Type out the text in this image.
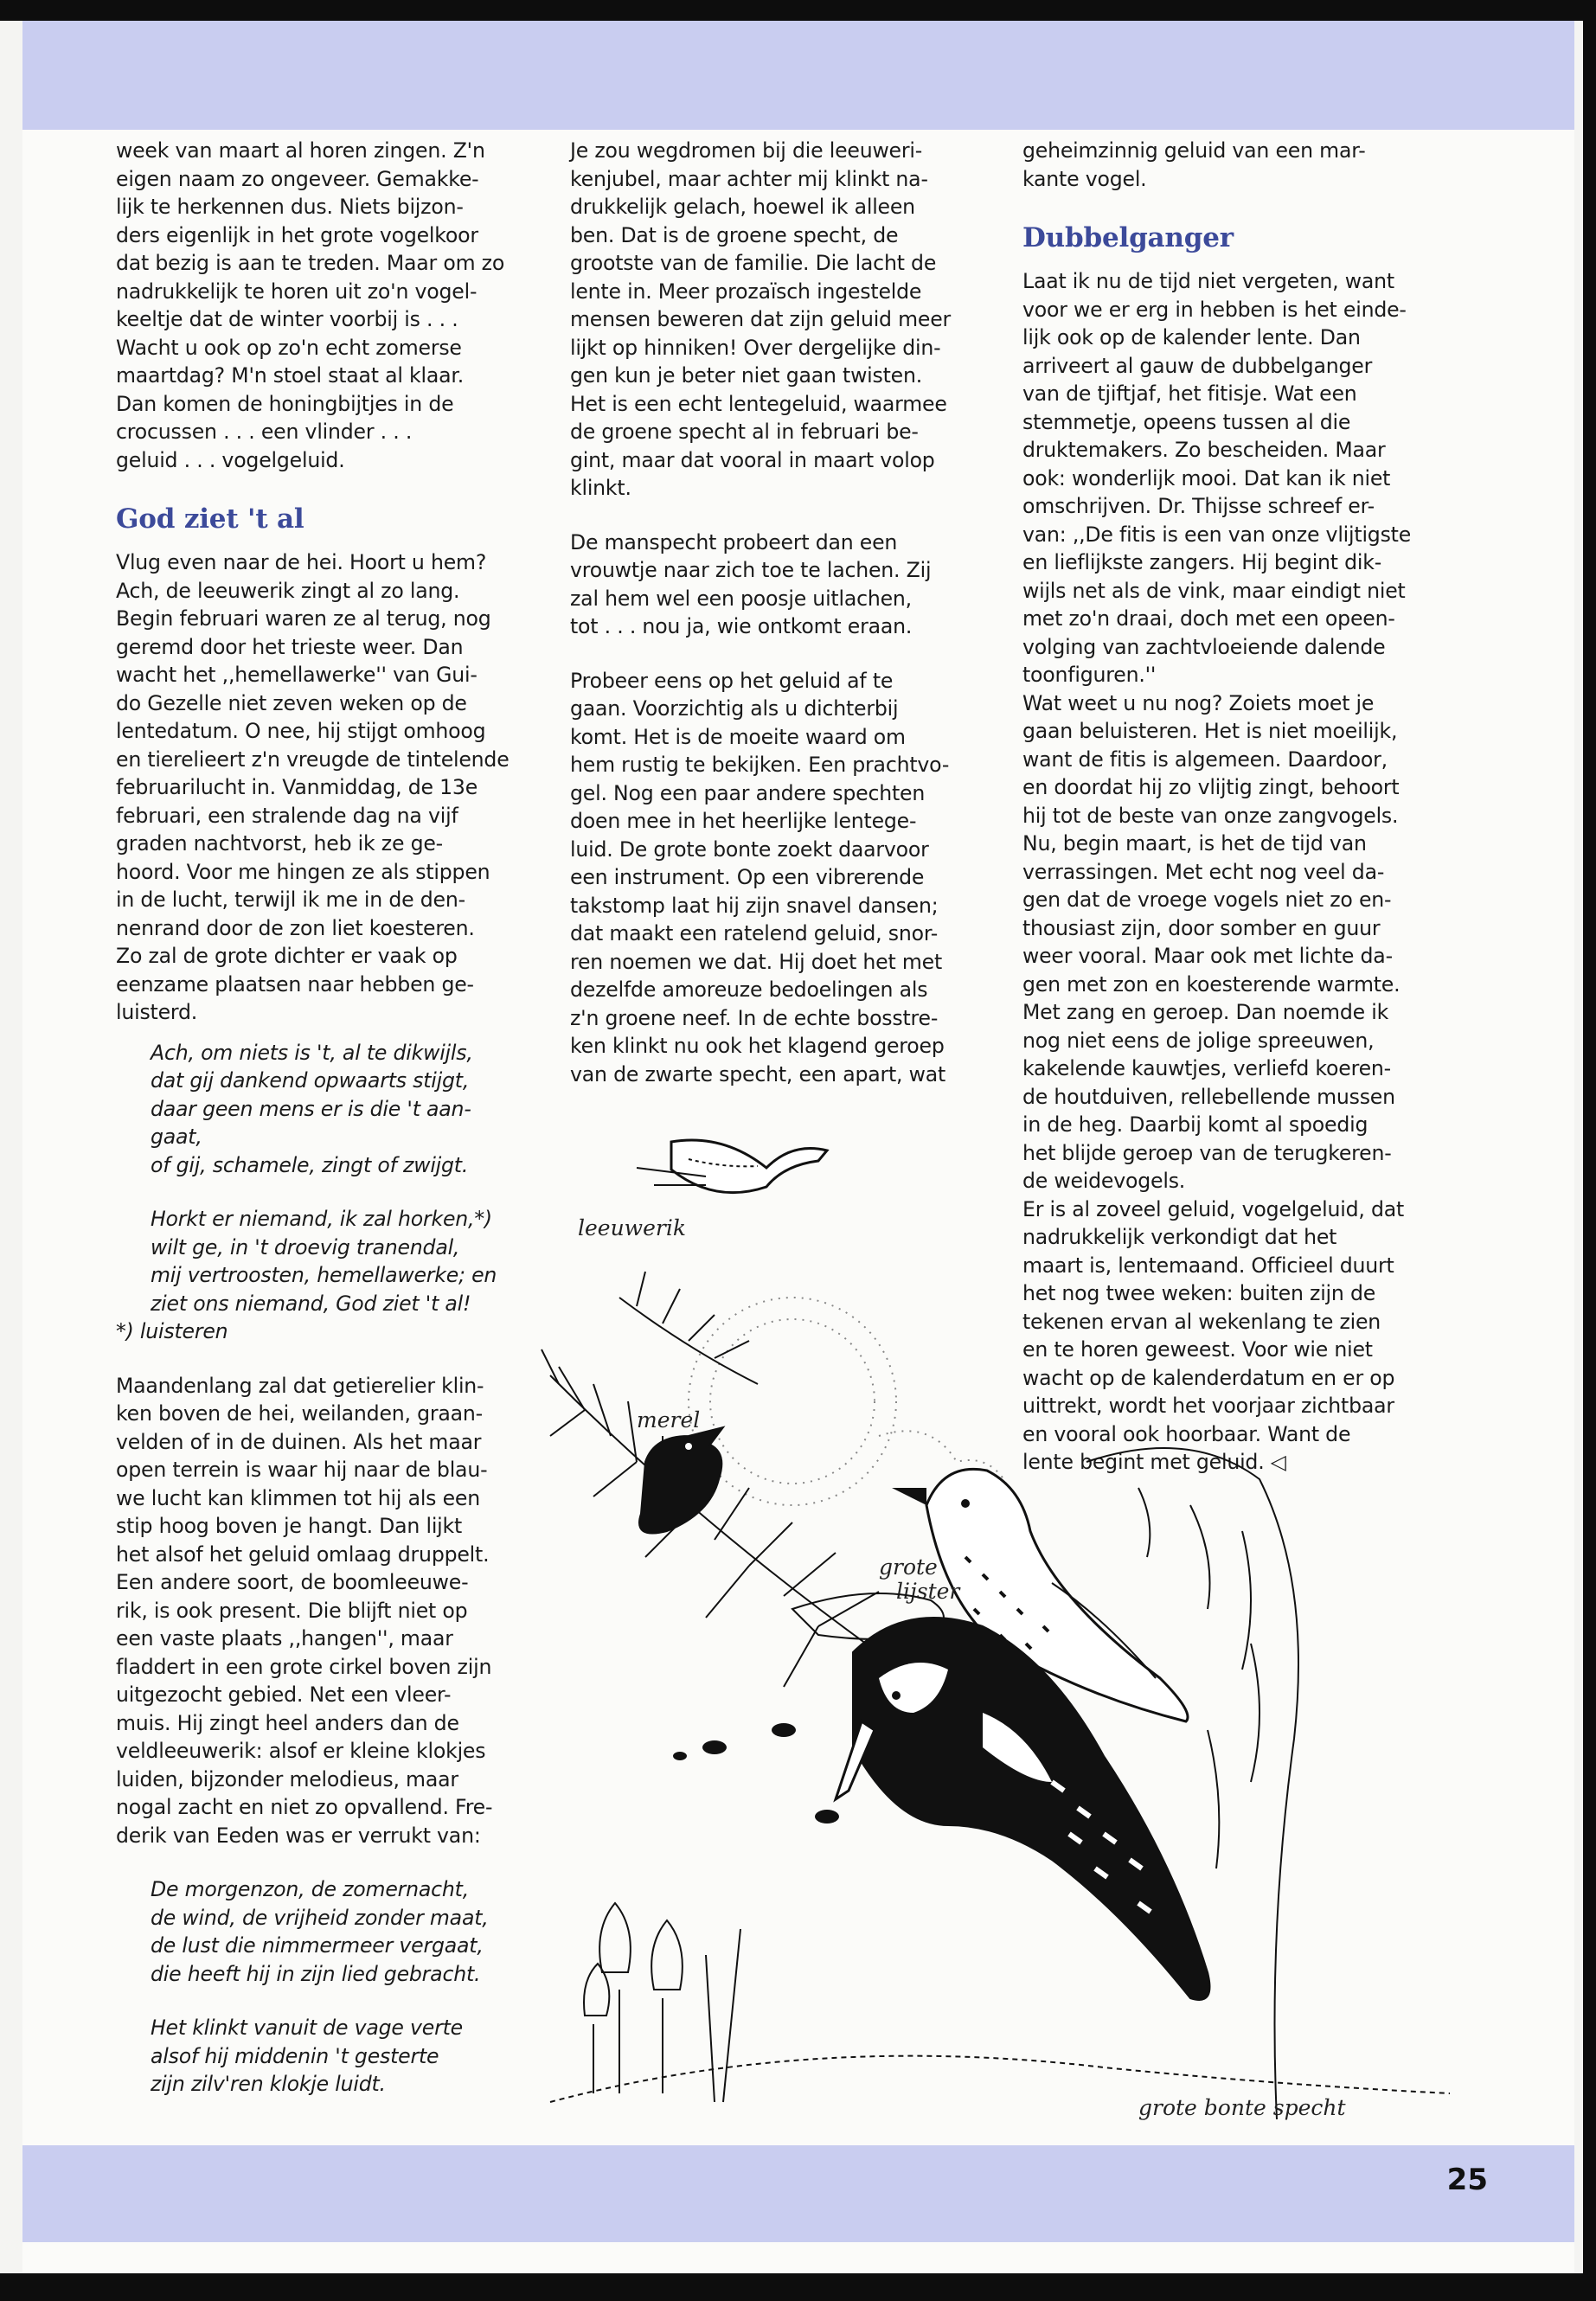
week van maart al horen zingen. Z'n

eigen naam zo ongeveer. Gemakke-

lijk te herkennen dus. Niets bijzon-

ders eigenlijk in het grote vogelkoor

dat bezig is aan te treden. Maar om zo

nadrukkelijk te horen uit zo'n vogel-

keeltje dat de winter voorbij is . . .

Wacht u ook op zo'n echt zomerse

maartdag? M'n stoel staat al klaar.

Dan komen de honingbijtjes in de

crocussen . . . een vlinder . . .

geluid . . . vogelgeluid.

God ziet 't al

Vlug even naar de hei. Hoort u hem?

Ach, de leeuwerik zingt al zo lang.

Begin februari waren ze al terug, nog

geremd door het trieste weer. Dan

wacht het ,,hemellawerke'' van Gui-

do Gezelle niet zeven weken op de

lentedatum. O nee, hij stijgt omhoog

en tierelieert z'n vreugde de tintelende

februarilucht in. Vanmiddag, de 13e

februari, een stralende dag na vijf

graden nachtvorst, heb ik ze ge-

hoord. Voor me hingen ze als stippen

in de lucht, terwijl ik me in de den-

nenrand door de zon liet koesteren.

Zo zal de grote dichter er vaak op

eenzame plaatsen naar hebben ge-

luisterd.

Ach, om niets is 't, al te dikwijls,

dat gij dankend opwaarts stijgt,

daar geen mens er is die 't aan-

gaat,

of gij, schamele, zingt of zwijgt.

Horkt er niemand, ik zal horken,*)

wilt ge, in 't droevig tranendal,

mij vertroosten, hemellawerke; en

ziet ons niemand, God ziet 't al!

*) luisteren

Maandenlang zal dat getierelier klin-

ken boven de hei, weilanden, graan-

velden of in de duinen. Als het maar

open terrein is waar hij naar de blau-

we lucht kan klimmen tot hij als een

stip hoog boven je hangt. Dan lijkt

het alsof het geluid omlaag druppelt.

Een andere soort, de boomleeuwe-

rik, is ook present. Die blijft niet op

een vaste plaats ,,hangen'', maar

fladdert in een grote cirkel boven zijn

uitgezocht gebied. Net een vleer-

muis. Hij zingt heel anders dan de

veldleeuwerik: alsof er kleine klokjes

luiden, bijzonder melodieus, maar

nogal zacht en niet zo opvallend. Fre-

derik van Eeden was er verrukt van:

De morgenzon, de zomernacht,

de wind, de vrijheid zonder maat,

de lust die nimmermeer vergaat,

die heeft hij in zijn lied gebracht.

Het klinkt vanuit de vage verte

alsof hij middenin 't gesterte

zijn zilv'ren klokje luidt.

Je zou wegdromen bij die leeuweri-

kenjubel, maar achter mij klinkt na-

drukkelijk gelach, hoewel ik alleen

ben. Dat is de groene specht, de

grootste van de familie. Die lacht de

lente in. Meer prozaïsch ingestelde

mensen beweren dat zijn geluid meer

lijkt op hinniken! Over dergelijke din-

gen kun je beter niet gaan twisten.

Het is een echt lentegeluid, waarmee

de groene specht al in februari be-

gint, maar dat vooral in maart volop

klinkt.

De manspecht probeert dan een

vrouwtje naar zich toe te lachen. Zij

zal hem wel een poosje uitlachen,

tot . . . nou ja, wie ontkomt eraan.

Probeer eens op het geluid af te

gaan. Voorzichtig als u dichterbij

komt. Het is de moeite waard om

hem rustig te bekijken. Een prachtvo-

gel. Nog een paar andere spechten

doen mee in het heerlijke lentege-

luid. De grote bonte zoekt daarvoor

een instrument. Op een vibrerende

takstomp laat hij zijn snavel dansen;

dat maakt een ratelend geluid, snor-

ren noemen we dat. Hij doet het met

dezelfde amoreuze bedoelingen als

z'n groene neef. In de echte bosstre-

ken klinkt nu ook het klagend geroep

van de zwarte specht, een apart, wat

geheimzinnig geluid van een mar-

kante vogel.

Dubbelganger

Laat ik nu de tijd niet vergeten, want

voor we er erg in hebben is het einde-

lijk ook op de kalender lente. Dan

arriveert al gauw de dubbelganger

van de tjiftjaf, het fitisje. Wat een

stemmetje, opeens tussen al die

druktemakers. Zo bescheiden. Maar

ook: wonderlijk mooi. Dat kan ik niet

omschrijven. Dr. Thijsse schreef er-

van: ,,De fitis is een van onze vlijtigste

en lieflijkste zangers. Hij begint dik-

wijls net als de vink, maar eindigt niet

met zo'n draai, doch met een opeen-

volging van zachtvloeiende dalende

toonfiguren.''

Wat weet u nu nog? Zoiets moet je

gaan beluisteren. Het is niet moeilijk,

want de fitis is algemeen. Daardoor,

en doordat hij zo vlijtig zingt, behoort

hij tot de beste van onze zangvogels.

Nu, begin maart, is het de tijd van

verrassingen. Met echt nog veel da-

gen dat de vroege vogels niet zo en-

thousiast zijn, door somber en guur

weer vooral. Maar ook met lichte da-

gen met zon en koesterende warmte.

Met zang en geroep. Dan noemde ik

nog niet eens de jolige spreeuwen,

kakelende kauwtjes, verliefd koeren-

de houtduiven, rellebellende mussen

in de heg. Daarbij komt al spoedig

het blijde geroep van de terugkeren-

de weidevogels.

Er is al zoveel geluid, vogelgeluid, dat

nadrukkelijk verkondigt dat het

maart is, lentemaand. Officieel duurt

het nog twee weken: buiten zijn de

tekenen ervan al wekenlang te zien

en te horen geweest. Voor wie niet

wacht op de kalenderdatum en er op

uittrekt, wordt het voorjaar zichtbaar

en vooral ook hoorbaar. Want de

lente begint met geluid. ◁

leeuwerik
merel
grote
lijster
grote bonte specht
25
